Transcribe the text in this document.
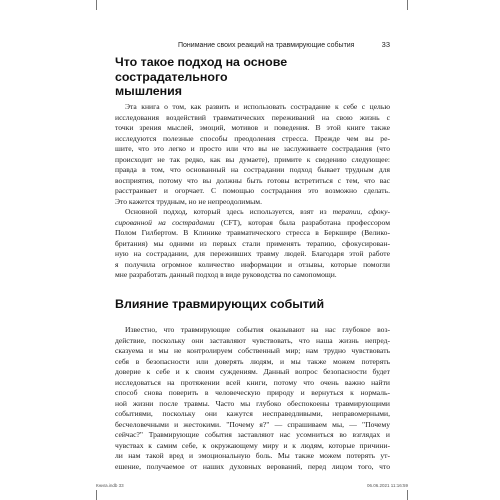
Понимание своих реакций на травмирующие события	33
Что такое подход на основе сострадательного
мышления
Эта книга о том, как развить и использовать сострадание к себе с целью
исследования воздействий травматических переживаний на свою жизнь с
точки зрения мыслей, эмоций, мотивов и поведения. В этой книге также
исследуются полезные способы преодоления стресса. Прежде чем вы ре-
шите, что это легко и просто или что вы не заслуживаете сострадания (что
происходит не так редко, как вы думаете), примите к сведению следующее:
правда в том, что основанный на сострадании подход бывает трудным для
восприятия, потому что вы должны быть готовы встретиться с тем, что вас
расстраивает и огорчает. С помощью сострадания это возможно сделать.
Это кажется трудным, но не непреодолимым.
Основной подход, который здесь используется, взят из терапии, сфоку-
сированной на сострадании (CFT), которая была разработана профессором
Полом Гилбертом. В Клинике травматического стресса в Беркшире (Велико-
британия) мы одними из первых стали применять терапию, сфокусирован-
ную на сострадании, для переживших травму людей. Благодаря этой работе
я получила огромное количество информации и отзывы, которые помогли
мне разработать данный подход в виде руководства по самопомощи.
Влияние травмирующих событий
Известно, что травмирующие события оказывают на нас глубокое воз-
действие, поскольку они заставляют чувствовать, что наша жизнь непред-
сказуема и мы не контролируем собственный мир; нам трудно чувствовать
себя в безопасности или доверять людям, и мы также можем потерять
доверие к себе и к своим суждениям. Данный вопрос безопасности будет
исследоваться на протяжении всей книги, потому что очень важно найти
способ снова поверить в человеческую природу и вернуться к нормаль-
ной жизни после травмы. Часто мы глубоко обеспокоены травмирующими
событиями, поскольку они кажутся несправедливыми, неправомерными,
бесчеловечными и жестокими. "Почему я?" — спрашиваем мы, — "Почему
сейчас?" Травмирующие события заставляют нас усомниться во взглядах и
чувствах к самим себе, к окружающему миру и к людям, которые причини-
ли нам такой вред и эмоциональную боль. Мы также можем потерять ут-
ешение, получаемое от наших духовных верований, перед лицом того, что
Книга.indb 33	06.06.2021 11:16:59
